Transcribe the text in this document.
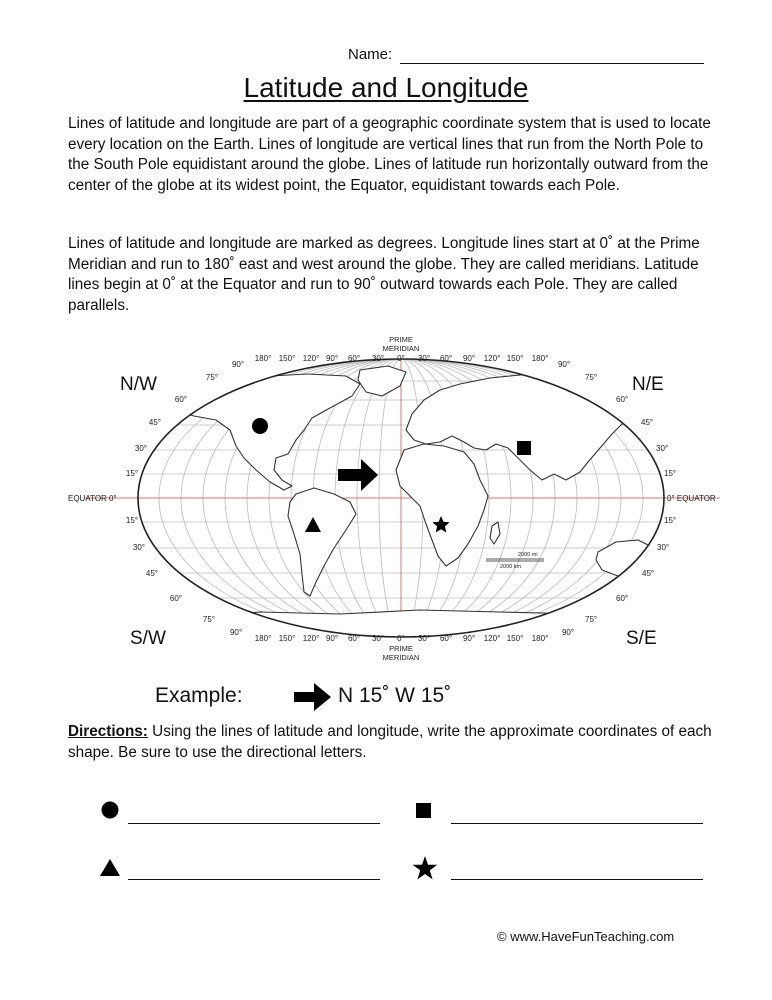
Name:
Latitude and Longitude

Lines of latitude and longitude are part of a geographic coordinate system that is used to locate every location on the Earth. Lines of longitude are vertical lines that run from the North Pole to the South Pole equidistant around the globe. Lines of latitude run horizontally outward from the center of the globe at its widest point, the Equator, equidistant towards each Pole.

Lines of latitude and longitude are marked as degrees. Longitude lines start at 0˚ at the Prime Meridian and run to 180˚ east and west around the globe. They are called meridians. Latitude lines begin at 0˚ at the Equator and run to 90˚ outward towards each Pole. They are called parallels.

N/W	N/E
S/W	S/E
PRIME
MERIDIAN
PRIME
MERIDIAN
90°
180° 150° 120° 90° 60° 30° 0° 30° 60° 90° 120° 150° 180°
90°
90°
180° 150° 120° 90° 60° 30° 0° 30° 60° 90° 120° 150° 180°
90°
75°
60°
45°
30°
15°
15°
30°
45°
60°
75°
75°
60°
45°
30°
15°
15°
30°
45°
60°
75°
EQUATOR 0°	0° EQUATOR
2000 mi
2000 km
Example:	N 15˚ W 15˚

Directions: Using the lines of latitude and longitude, write the approximate coordinates of each shape. Be sure to use the directional letters.

© www.HaveFunTeaching.com
